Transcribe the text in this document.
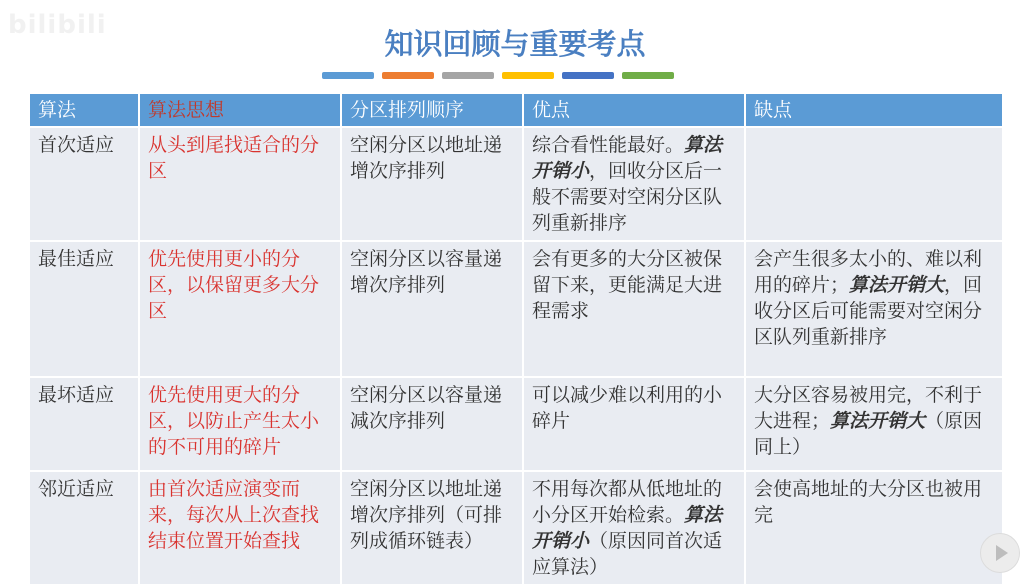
bilibili
知识回顾与重要考点
算法	算法思想	分区排列顺序	优点	缺点
首次适应	从头到尾找适合的分区	空闲分区以地址递增次序排列	综合看性能最好。算法开销小，回收分区后一般不需要对空闲分区队列重新排序	
最佳适应	优先使用更小的分区，以保留更多大分区	空闲分区以容量递增次序排列	会有更多的大分区被保留下来，更能满足大进程需求	会产生很多太小的、难以利用的碎片；算法开销大，回收分区后可能需要对空闲分区队列重新排序
最坏适应	优先使用更大的分区，以防止产生太小的不可用的碎片	空闲分区以容量递减次序排列	可以减少难以利用的小碎片	大分区容易被用完，不利于大进程；算法开销大（原因同上）
邻近适应	由首次适应演变而来，每次从上次查找结束位置开始查找	空闲分区以地址递增次序排列（可排列成循环链表）	不用每次都从低地址的小分区开始检索。算法开销小（原因同首次适应算法）	会使高地址的大分区也被用完
